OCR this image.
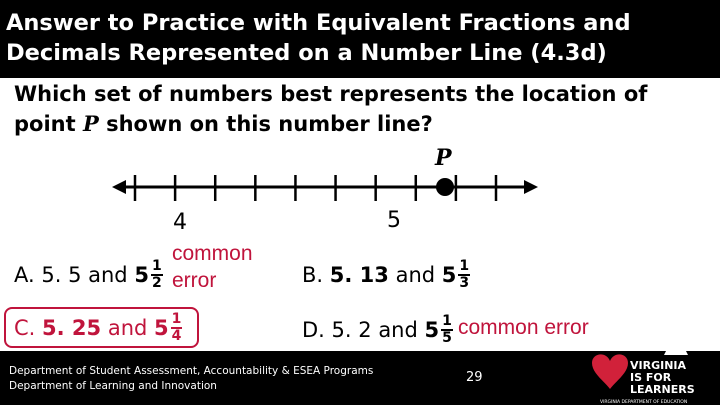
Answer to Practice with Equivalent Fractions and
Decimals Represented on a Number Line (4.3d)
Which set of numbers best represents the location of
point P shown on this number line?
P
4	5
A.
5. 5
and
$5 \frac{1}{2}$
common
error	B.
5. 13
and
$5 \frac{1}{3}$
C.
5. 25
and
$5 \frac{1}{4}$	D.
5. 2
and
$5 \frac{1}{5}$ common error
Department of Student Assessment, Accountability & ESEA Programs
Department of Learning and Innovation
29
VIRGINIA
IS FOR
LEARNERS
VIRGINIA DEPARTMENT OF EDUCATION
